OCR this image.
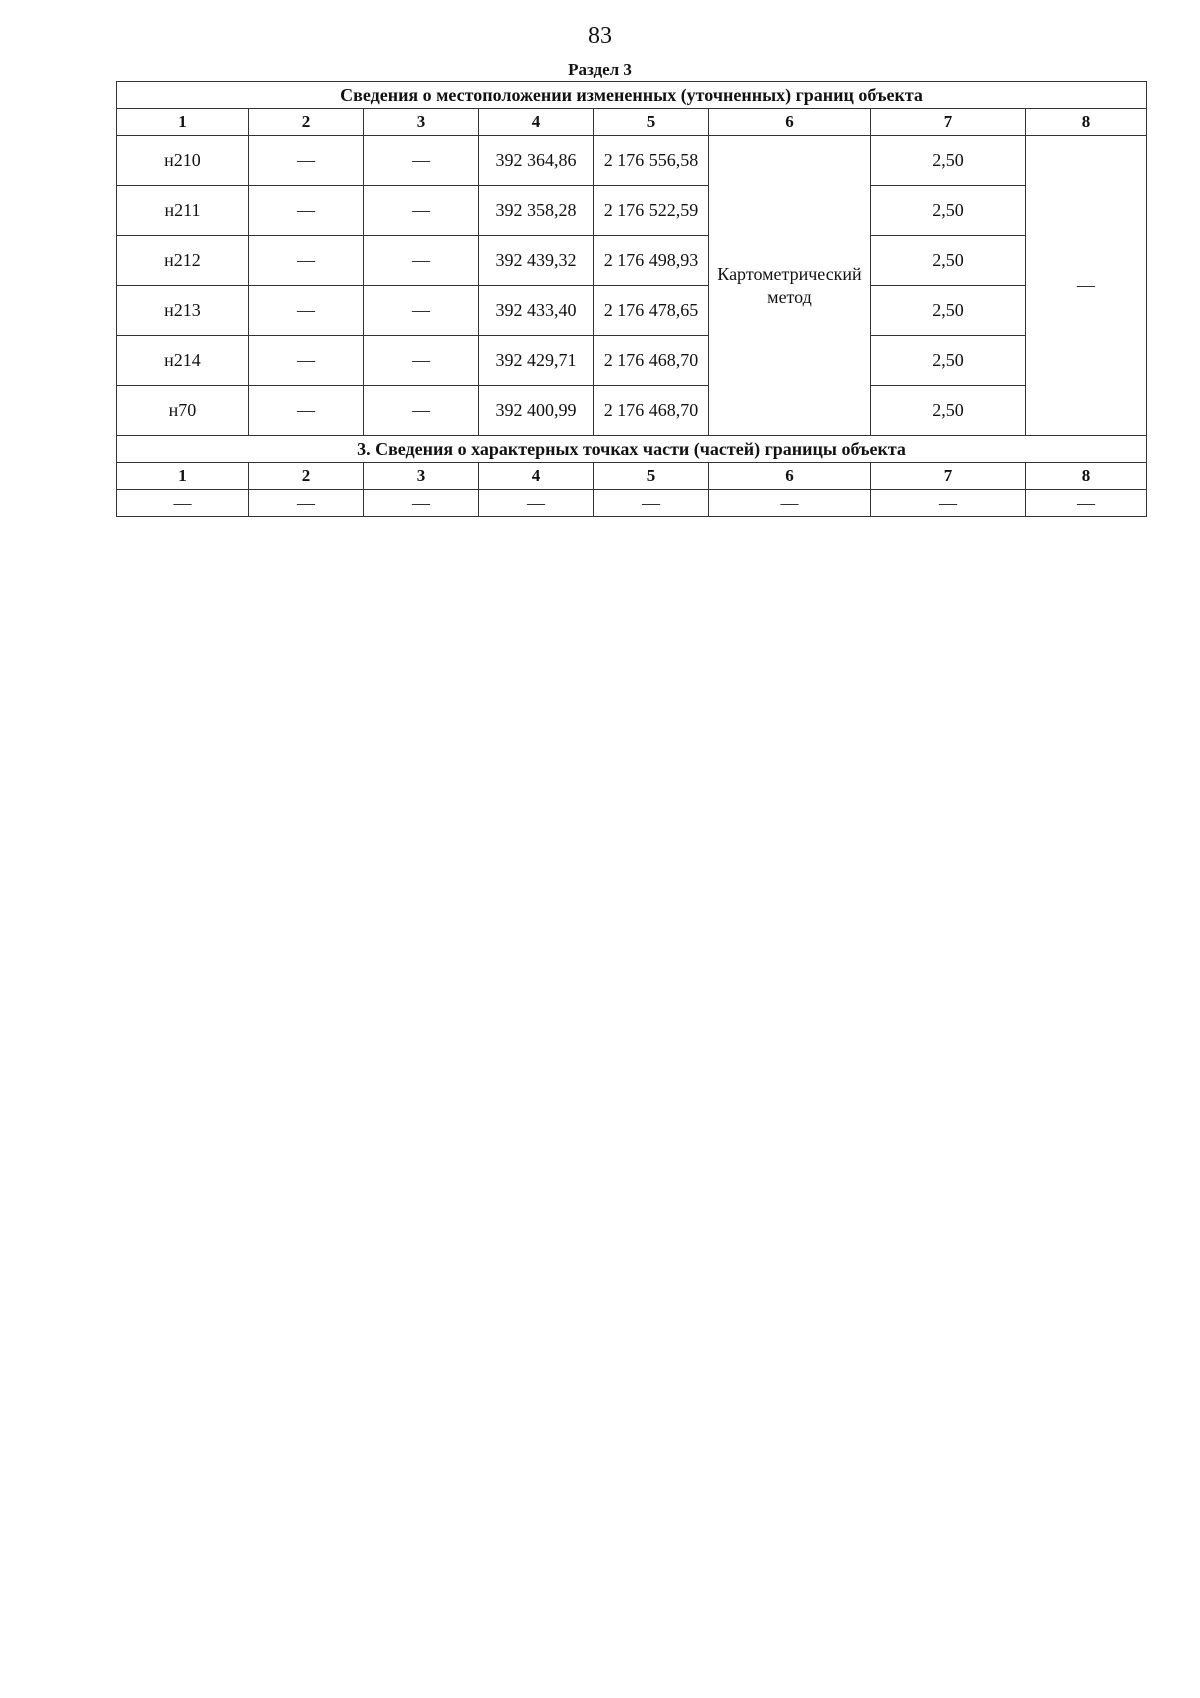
83
Раздел 3
Сведения о местоположении измененных (уточненных) границ объекта							
1	2	3	4	5	6	7	8
н210	—	—	392 364,86	2 176 556,58	Картометрический метод	2,50	—
н211	—	—	392 358,28	2 176 522,59		2,50	
н212	—	—	392 439,32	2 176 498,93		2,50	
н213	—	—	392 433,40	2 176 478,65		2,50	
н214	—	—	392 429,71	2 176 468,70		2,50	
н70	—	—	392 400,99	2 176 468,70		2,50	
3. Сведения о характерных точках части (частей) границы объекта							
1	2	3	4	5	6	7	8
—	—	—	—	—	—	—	—
